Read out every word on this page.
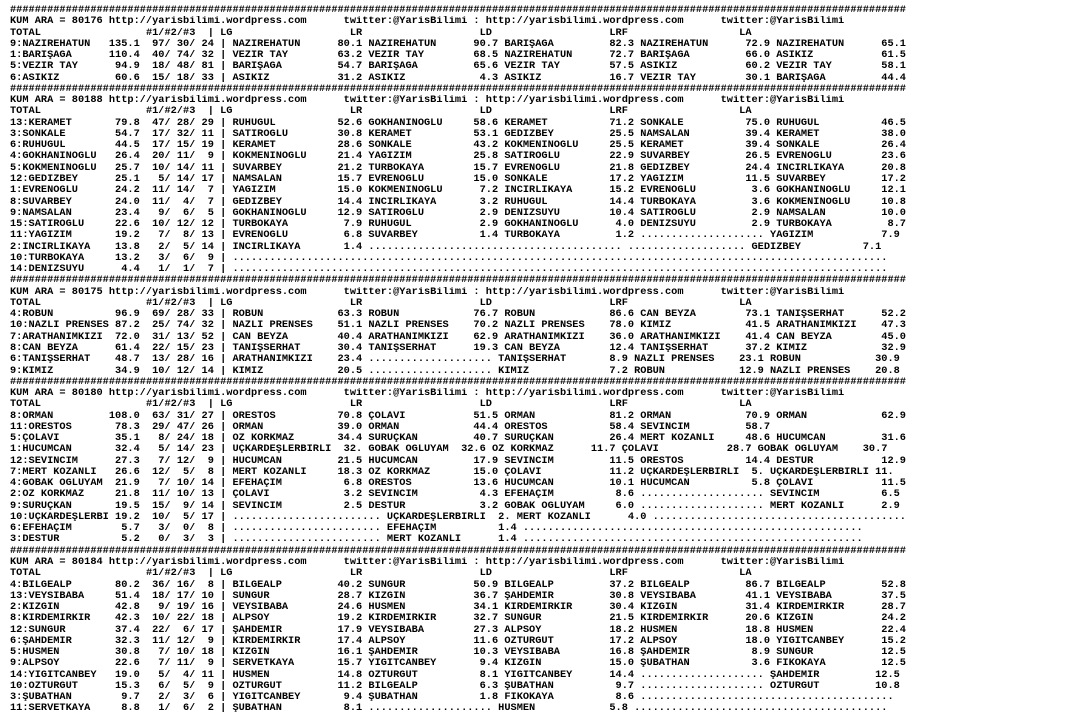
#################################################################################################################################################
KUM ARA = 80176 http://yarisbilimi.wordpress.com      twitter:@YarisBilimi : http://yarisbilimi.wordpress.com      twitter:@YarisBilimi
TOTAL                 #1/#2/#3  | LG                   LR                   LD                   LRF                  LA
9:NAZİREHATUN   135.1  97/ 30/ 24 | NAZİREHATUN      80.1 NAZİREHATUN      90.7 BARIŞAĞA         82.3 NAZİREHATUN      72.9 NAZİREHATUN      65.1
1:BARIŞAĞA      110.4  40/ 74/ 32 | VEZİR TAY        63.2 VEZİR TAY        68.5 NAZİREHATUN      72.7 BARIŞAĞA         66.0 ASIKIZ           61.5
5:VEZİR TAY      94.9  18/ 48/ 81 | BARIŞAĞA         54.7 BARIŞAĞA         65.6 VEZİR TAY        57.5 ASIKIZ           60.2 VEZİR TAY        58.1
6:ASIKIZ         60.6  15/ 18/ 33 | ASIKIZ           31.2 ASIKIZ            4.3 ASIKIZ           16.7 VEZİR TAY        30.1 BARIŞAĞA         44.4
#################################################################################################################################################
KUM ARA = 80188 http://yarisbilimi.wordpress.com      twitter:@YarisBilimi : http://yarisbilimi.wordpress.com      twitter:@YarisBilimi
TOTAL                 #1/#2/#3  | LG                   LR                   LD                   LRF                  LA
13:KERAMET       79.8  47/ 28/ 29 | RUHUGÜL          52.6 GÖKHANINOĞLU     58.6 KERAMET          71.2 SONKALE          75.0 RUHUGÜL          46.5
3:SONKALE        54.7  17/ 32/ 11 | SATIROĞLU        30.8 KERAMET          53.1 GEDİZBEY         25.5 NAMSALAN         39.4 KERAMET          38.0
6:RUHUGÜL        44.5  17/ 15/ 19 | KERAMET          28.6 SONKALE          43.2 KÖKMENİNOĞLU     25.5 KERAMET          39.4 SONKALE          26.4
4:GÖKHANINOĞLU   26.4  20/ 11/  9 | KÖKMENİNOĞLU     21.4 YAĞIZIM          25.8 SATIROĞLU        22.9 SUVARBEY         26.5 EVRENOĞLU        23.6
5:KÖKMENİNOĞLU   25.7  10/ 14/ 11 | SUVARBEY         21.2 TURBOKAYA        15.7 EVRENOĞLU        21.8 GEDİZBEY         24.4 İNCİRLİKAYA      20.8
12:GEDİZBEY      25.1   5/ 14/ 17 | NAMSALAN         15.7 EVRENOĞLU        15.0 SONKALE          17.2 YAĞIZIM          11.5 SUVARBEY         17.2
1:EVRENOĞLU      24.2  11/ 14/  7 | YAĞIZIM          15.0 KÖKMENİNOĞLU      7.2 İNCİRLİKAYA      15.2 EVRENOĞLU         3.6 GÖKHANINOĞLU     12.1
8:SUVARBEY       24.0  11/  4/  7 | GEDİZBEY         14.4 İNCİRLİKAYA       3.2 RUHUGÜL          14.4 TURBOKAYA         3.6 KÖKMENİNOĞLU     10.8
9:NAMSALAN       23.4   9/  6/  5 | GÖKHANINOĞLU     12.9 SATIROĞLU         2.9 DENİZSUYU        10.4 SATIROĞLU         2.9 NAMSALAN         10.0
15:SATIROĞLU     22.6  10/ 12/ 12 | TURBOKAYA         7.9 RUHUGÜL           2.9 GÖKHANINOĞLU      4.0 DENİZSUYU         2.9 TURBOKAYA         8.7
11:YAĞIZIM       19.2   7/  8/ 13 | EVRENOĞLU         6.8 SUVARBEY          1.4 TURBOKAYA         1.2 .................... YAĞIZIM           7.9
2:İNCİRLİKAYA    13.8   2/  5/ 14 | İNCİRLİKAYA       1.4 ......................................... ................... GEDİZBEY          7.1
10:TURBOKAYA     13.2   3/  6/  9 | ..........................................................................................................
14:DENİZSUYU      4.4   1/  1/  7 | ..........................................................................................................
#################################################################################################################################################
KUM ARA = 80175 http://yarisbilimi.wordpress.com      twitter:@YarisBilimi : http://yarisbilimi.wordpress.com      twitter:@YarisBilimi
TOTAL                 #1/#2/#3  | LG                   LR                   LD                   LRF                  LA
4:ROBUN          96.9  69/ 28/ 33 | ROBUN            63.3 ROBUN            76.7 ROBUN            86.6 CAN BEYZA        73.1 TANIŞSERHAT      52.2
10:NAZLI PRENSES 87.2  25/ 74/ 32 | NAZLI PRENSES    51.1 NAZLI PRENSES    70.2 NAZLI PRENSES    78.0 KIMIZ            41.5 ARATHANIMKIZI    47.3
7:ARATHANIMKIZI  72.0  31/ 13/ 52 | CAN BEYZA        40.4 ARATHANIMKIZI    62.9 ARATHANIMKIZI    36.0 ARATHANIMKIZI    41.4 CAN BEYZA        45.0
8:CAN BEYZA      61.4  22/ 15/ 23 | TANIŞSERHAT      30.4 TANIŞSERHAT      19.3 CAN BEYZA        12.4 TANIŞSERHAT      37.2 KIMIZ            32.9
6:TANIŞSERHAT    48.7  13/ 28/ 16 | ARATHANIMKIZI    23.4 .................... TANIŞSERHAT       8.9 NAZLI PRENSES    23.1 ROBUN            30.9
9:KIMIZ          34.9  10/ 12/ 14 | KIMIZ            20.5 .................... KIMIZ             7.2 ROBUN            12.9 NAZLI PRENSES    20.8
#################################################################################################################################################
KUM ARA = 80180 http://yarisbilimi.wordpress.com      twitter:@YarisBilimi : http://yarisbilimi.wordpress.com      twitter:@YarisBilimi
TOTAL                 #1/#2/#3  | LG                   LR                   LD                   LRF                  LA
8:ORMAN         108.0  63/ 31/ 27 | ORESTOS          70.8 ÇOLAVI           51.5 ORMAN            81.2 ORMAN            70.9 ORMAN            62.9
11:ORESTOS       78.3  29/ 47/ 26 | ORMAN            39.0 ORMAN            44.4 ORESTOS          58.4 SEVİNCİM         58.7
5:ÇOLAVI         35.1   8/ 24/ 18 | ÖZ KORKMAZ       34.4 SURUÇKAN         40.7 SURUÇKAN         26.4 MERT KOZANLI     48.6 HÜCUMCAN         31.6
1:HÜCUMCAN       32.4   5/ 14/ 23 | ÜÇKARDEŞLERBİRLİ  32. GOBAK OĞLUYAM  32.6 ÖZ KORKMAZ      11.7 ÇOLAVI           28.7 GOBAK OĞLUYAM    30.7
12:SEVİNCİM      27.3   7/ 12/  9 | HÜCUMCAN         21.5 HÜCUMCAN         17.9 SEVİNCİM         11.5 ORESTOS          14.4 DESTUR           12.9
7:MERT KOZANLI   26.6  12/  5/  8 | MERT KOZANLI     18.3 ÖZ KORKMAZ       15.0 ÇOLAVI           11.2 ÜÇKARDEŞLERBİRLİ  5. ÜÇKARDEŞLERBİRLİ 11.
4:GOBAK OĞLUYAM  21.9   7/ 10/ 14 | EFEHAÇİM          6.8 ORESTOS          13.6 HÜCUMCAN         10.1 HÜCUMCAN          5.8 ÇOLAVI           11.5
2:ÖZ KORKMAZ     21.8  11/ 10/ 13 | ÇOLAVI            3.2 SEVİNCİM          4.3 EFEHAÇİM          8.6 .................... SEVİNCİM          6.5
9:SURUÇKAN       19.5  15/  9/ 14 | SEVİNCİM          2.5 DESTUR            3.2 GOBAK OĞLUYAM     6.0 .................... MERT KOZANLI      2.9
10:ÜÇKARDEŞLERBİ 19.2  10/  5/ 17 | ........................ ÜÇKARDEŞLERBİRLİ  2. MERT KOZANLI      4.0 .........................................
6:EFEHAÇİM        5.7   3/  0/  8 | ........................ EFEHAÇİM          1.4 .......................................................
3:DESTUR          5.2   0/  3/  3 | ........................ MERT KOZANLI      1.4 .......................................................
#################################################################################################################################################
KUM ARA = 80184 http://yarisbilimi.wordpress.com      twitter:@YarisBilimi : http://yarisbilimi.wordpress.com      twitter:@YarisBilimi
TOTAL                 #1/#2/#3  | LG                   LR                   LD                   LRF                  LA
4:BILGEALP       80.2  36/ 16/  8 | BILGEALP         40.2 SUNGUR           50.9 BILGEALP         37.2 BILGEALP         86.7 BILGEALP         52.8
13:VEYSIBABA     51.4  18/ 17/ 10 | SUNGUR           28.7 KIZGIN           36.7 ŞAHDEMİR         30.8 VEYSIBABA        41.1 VEYSIBABA        37.5
2:KIZGIN         42.8   9/ 19/ 16 | VEYSIBABA        24.6 HÜSMEN           34.1 KIRDEMİRKIR      30.4 KIZGIN           31.4 KIRDEMİRKIR      28.7
8:KIRDEMİRKIR    42.3  10/ 22/ 18 | ALPSOY           19.2 KIRDEMİRKIR      32.7 SUNGUR           21.5 KIRDEMİRKIR      20.6 KIZGIN           24.2
12:SUNGUR        37.4  22/  6/ 17 | ŞAHDEMİR         17.9 VEYSIBABA        27.3 ALPSOY           18.2 HÜSMEN           18.8 HÜSMEN           22.4
6:ŞAHDEMİR       32.3  11/ 12/  9 | KIRDEMİRKIR      17.4 ALPSOY           11.6 ÖZTURGUT         17.2 ALPSOY           18.0 YİĞİTCANBEY      15.2
5:HÜSMEN         30.8   7/ 10/ 18 | KIZGIN           16.1 ŞAHDEMİR         10.3 VEYSIBABA        16.8 ŞAHDEMİR          8.9 SUNGUR           12.5
9:ALPSOY         22.6   7/ 11/  9 | SERVETKAYA       15.7 YİĞİTCANBEY       9.4 KIZGIN           15.0 ŞUBATHAN          3.6 FİKOKAYA         12.5
14:YİĞİTCANBEY   19.0   5/  4/ 11 | HÜSMEN           14.8 ÖZTURGUT          8.1 YİĞİTCANBEY      14.4 .................... ŞAHDEMİR         12.5
10:ÖZTURGUT      15.3   6/  5/  9 | ÖZTURGUT         11.2 BILGEALP          6.3 ŞUBATHAN          9.7 .................... ÖZTURGUT         10.8
3:ŞUBATHAN        9.7   2/  3/  6 | YİĞİTCANBEY       9.4 ŞUBATHAN          1.8 FİKOKAYA          8.6 .........................................
11:SERVETKAYA     8.8   1/  6/  2 | ŞUBATHAN          8.1 .................... HÜSMEN            5.8 .........................................
